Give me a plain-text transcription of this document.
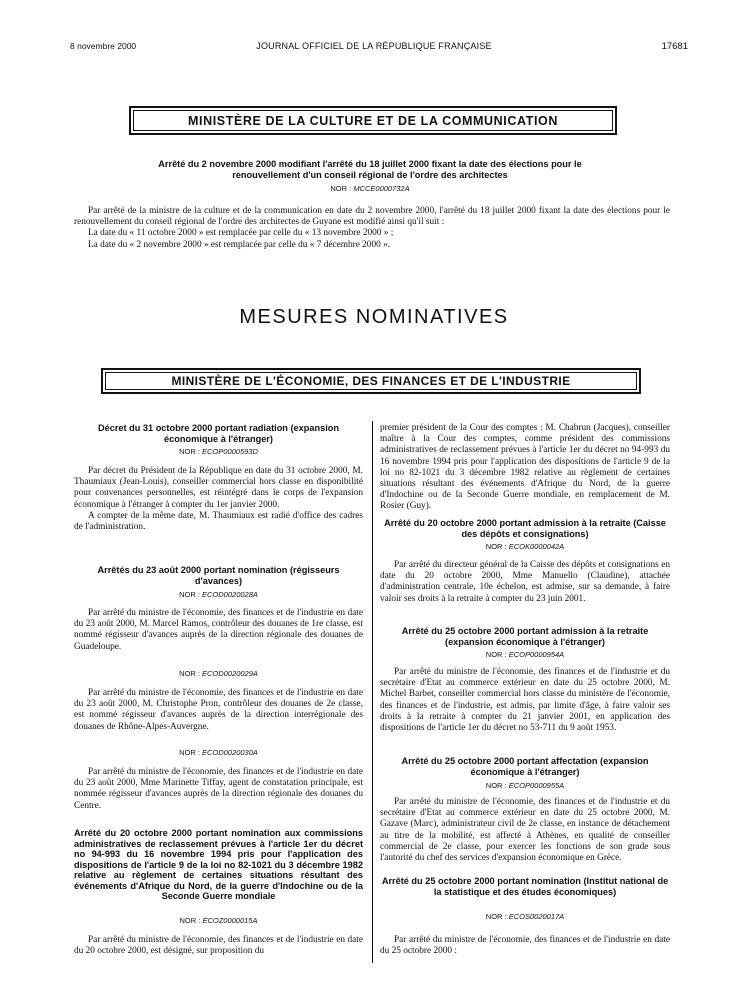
8 novembre 2000	JOURNAL OFFICIEL DE LA RÉPUBLIQUE FRANÇAISE	17681
MINISTÈRE DE LA CULTURE ET DE LA COMMUNICATION
Arrêté du 2 novembre 2000 modifiant l'arrêté du 18 juillet 2000 fixant la date des élections pour le renouvellement d'un conseil régional de l'ordre des architectes
NOR : MCCE0000732A

Par arrêté de la ministre de la culture et de la communication en date du 2 novembre 2000, l'arrêté du 18 juillet 2000 fixant la date des élections pour le renouvellement du conseil régional de l'ordre des architectes de Guyane est modifié ainsi qu'il suit :

La date du « 11 octobre 2000 » est remplacée par celle du « 13 novembre 2000 » ;

La date du « 2 novembre 2000 » est remplacée par celle du « 7 décembre 2000 ».

MESURES NOMINATIVES
MINISTÈRE DE L'ÉCONOMIE, DES FINANCES ET DE L'INDUSTRIE
Décret du 31 octobre 2000 portant radiation (expansion économique à l'étranger)
NOR : ECOP0000593D

Par décret du Président de la République en date du 31 octobre 2000, M. Thaumiaux (Jean-Louis), conseiller commercial hors classe en disponibilité pour convenances personnelles, est réintégré dans le corps de l'expansion économique à l'étranger à compter du 1er janvier 2000.

A compter de la même date, M. Thaumiaux est radié d'office des cadres de l'administration.

Arrêtés du 23 août 2000 portant nomination (régisseurs d'avances)
NOR : ECOD0020028A

Par arrêté du ministre de l'économie, des finances et de l'industrie en date du 23 août 2000, M. Marcel Ramos, contrôleur des douanes de 1re classe, est nommé régisseur d'avances auprès de la direction régionale des douanes de Guadeloupe.

NOR : ECOD0020029A

Par arrêté du ministre de l'économie, des finances et de l'industrie en date du 23 août 2000, M. Christophe Pron, contrôleur des douanes de 2e classe, est nommé régisseur d'avances auprès de la direction interrégionale des douanes de Rhône-Alpes-Auvergne.

NOR : ECOD0020030A

Par arrêté du ministre de l'économie, des finances et de l'industrie en date du 23 août 2000, Mme Marinette Tiffay, agent de constatation principale, est nommée régisseur d'avances auprès de la direction régionale des douanes du Centre.

Arrêté du 20 octobre 2000 portant nomination aux commissions administratives de reclassement prévues à l'article 1er du décret no 94-993 du 16 novembre 1994 pris pour l'application des dispositions de l'article 9 de la loi no 82-1021 du 3 décembre 1982 relative au règlement de certaines situations résultant des événements d'Afrique du Nord, de la guerre d'Indochine ou de la Seconde Guerre mondiale
NOR : ECOZ0000015A

Par arrêté du ministre de l'économie, des finances et de l'industrie en date du 20 octobre 2000, est désigné, sur proposition du

premier président de la Cour des comptes : M. Chabrun (Jacques), conseiller maître à la Cour des comptes, comme président des commissions administratives de reclassement prévues à l'article 1er du décret no 94-993 du 16 novembre 1994 pris pour l'application des dispositions de l'article 9 de la loi no 82-1021 du 3 décembre 1982 relative au règlement de certaines situations résultant des événements d'Afrique du Nord, de la guerre d'Indochine ou de la Seconde Guerre mondiale, en remplacement de M. Rosier (Guy).

Arrêté du 20 octobre 2000 portant admission à la retraite (Caisse des dépôts et consignations)
NOR : ECOK0000042A

Par arrêté du directeur général de la Caisse des dépôts et consignations en date du 20 octobre 2000, Mme Manuello (Claudine), attachée d'administration centrale, 10e échelon, est admise, sur sa demande, à faire valoir ses droits à la retraite à compter du 23 juin 2001.

Arrêté du 25 octobre 2000 portant admission à la retraite (expansion économique à l'étranger)
NOR : ECOP0000954A

Par arrêté du ministre de l'économie, des finances et de l'industrie et du secrétaire d'Etat au commerce extérieur en date du 25 octobre 2000, M. Michel Barbet, conseiller commercial hors classe du ministère de l'économie, des finances et de l'industrie, est admis, par limite d'âge, à faire valoir ses droits à la retraite à compter du 21 janvier 2001, en application des dispositions de l'article 1er du décret no 53-711 du 9 août 1953.

Arrêté du 25 octobre 2000 portant affectation (expansion économique à l'étranger)
NOR : ECOP0000955A

Par arrêté du ministre de l'économie, des finances et de l'industrie et du secrétaire d'Etat au commerce extérieur en date du 25 octobre 2000, M. Gazave (Marc), administrateur civil de 2e classe, en instance de détachement au titre de la mobilité, est affecté à Athènes, en qualité de conseiller commercial de 2e classe, pour exercer les fonctions de son grade sous l'autorité du chef des services d'expansion économique en Grèce.

Arrêté du 25 octobre 2000 portant nomination (Institut national de la statistique et des études économiques)
NOR : ECOS0020017A

Par arrêté du ministre de l'économie, des finances et de l'industrie en date du 25 octobre 2000 :
